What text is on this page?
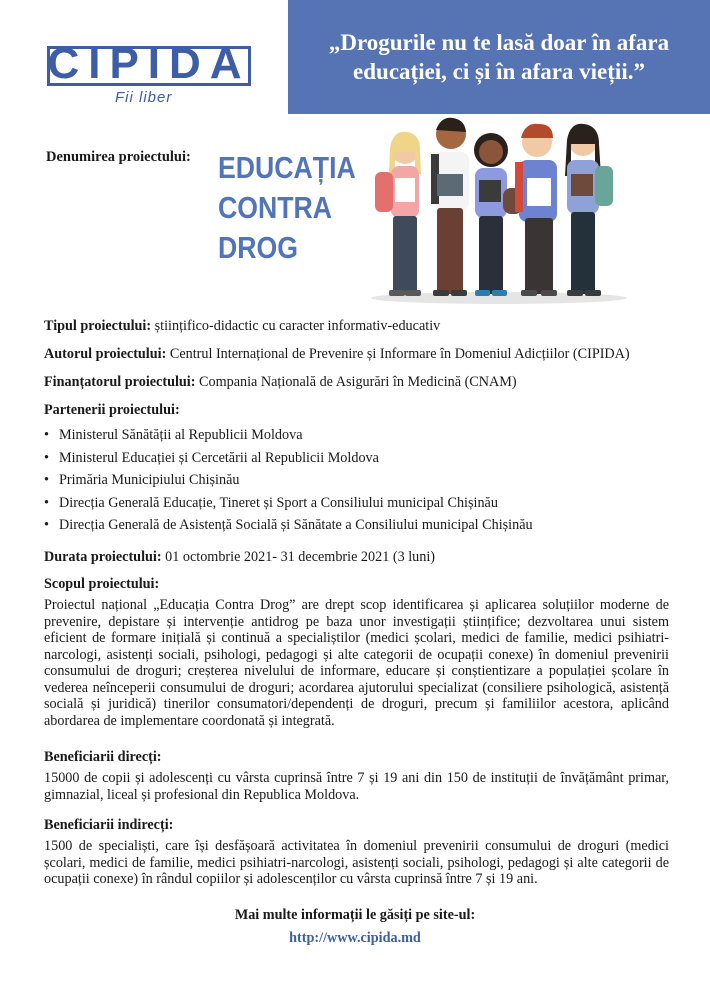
„Drogurile nu te lasă doar în afara educației, ci și în afara vieții.”
CIPIDA
Fii liber
Denumirea proiectului: EDUCAȚIA
CONTRA
DROG
Tipul proiectului: științifico-didactic cu caracter informativ-educativ
Autorul proiectului: Centrul Internațional de Prevenire și Informare în Domeniul Adicțiilor (CIPIDA)
Finanțatorul proiectului: Compania Națională de Asigurări în Medicină (CNAM)
Partenerii proiectului:
• Ministerul Sănătății al Republicii Moldova
• Ministerul Educației și Cercetării al Republicii Moldova
• Primăria Municipiului Chișinău
• Direcția Generală Educație, Tineret și Sport a Consiliului municipal Chișinău
• Direcția Generală de Asistență Socială și Sănătate a Consiliului municipal Chișinău
Durata proiectului: 01 octombrie 2021- 31 decembrie 2021 (3 luni)
Scopul proiectului:
Proiectul național „Educația Contra Drog” are drept scop identificarea și aplicarea soluțiilor moderne de prevenire, depistare și intervenție antidrog pe baza unor investigații științifice; dezvoltarea unui sistem eficient de formare inițială și continuă a specialiștilor (medici școlari, medici de familie, medici psihiatri-narcologi, asistenți sociali, psihologi, pedagogi și alte categorii de ocupații conexe) în domeniul prevenirii consumului de droguri; creșterea nivelului de informare, educare și conștientizare a populației școlare în vederea neînceperii consumului de droguri; acordarea ajutorului specializat (consiliere psihologică, asistență socială și juridică) tinerilor consumatori/dependenți de droguri, precum și familiilor acestora, aplicând abordarea de implementare coordonată și integrată.
Beneficiarii direcți:
15000 de copii și adolescenți cu vârsta cuprinsă între 7 și 19 ani din 150 de instituții de învățământ primar, gimnazial, liceal și profesional din Republica Moldova.
Beneficiarii indirecți:
1500 de specialiști, care își desfășoară activitatea în domeniul prevenirii consumului de droguri (medici școlari, medici de familie, medici psihiatri-narcologi, asistenți sociali, psihologi, pedagogi și alte categorii de ocupații conexe) în rândul copiilor și adolescenților cu vârsta cuprinsă între 7 și 19 ani.
Mai multe informații le găsiți pe site-ul:
http://www.cipida.md
